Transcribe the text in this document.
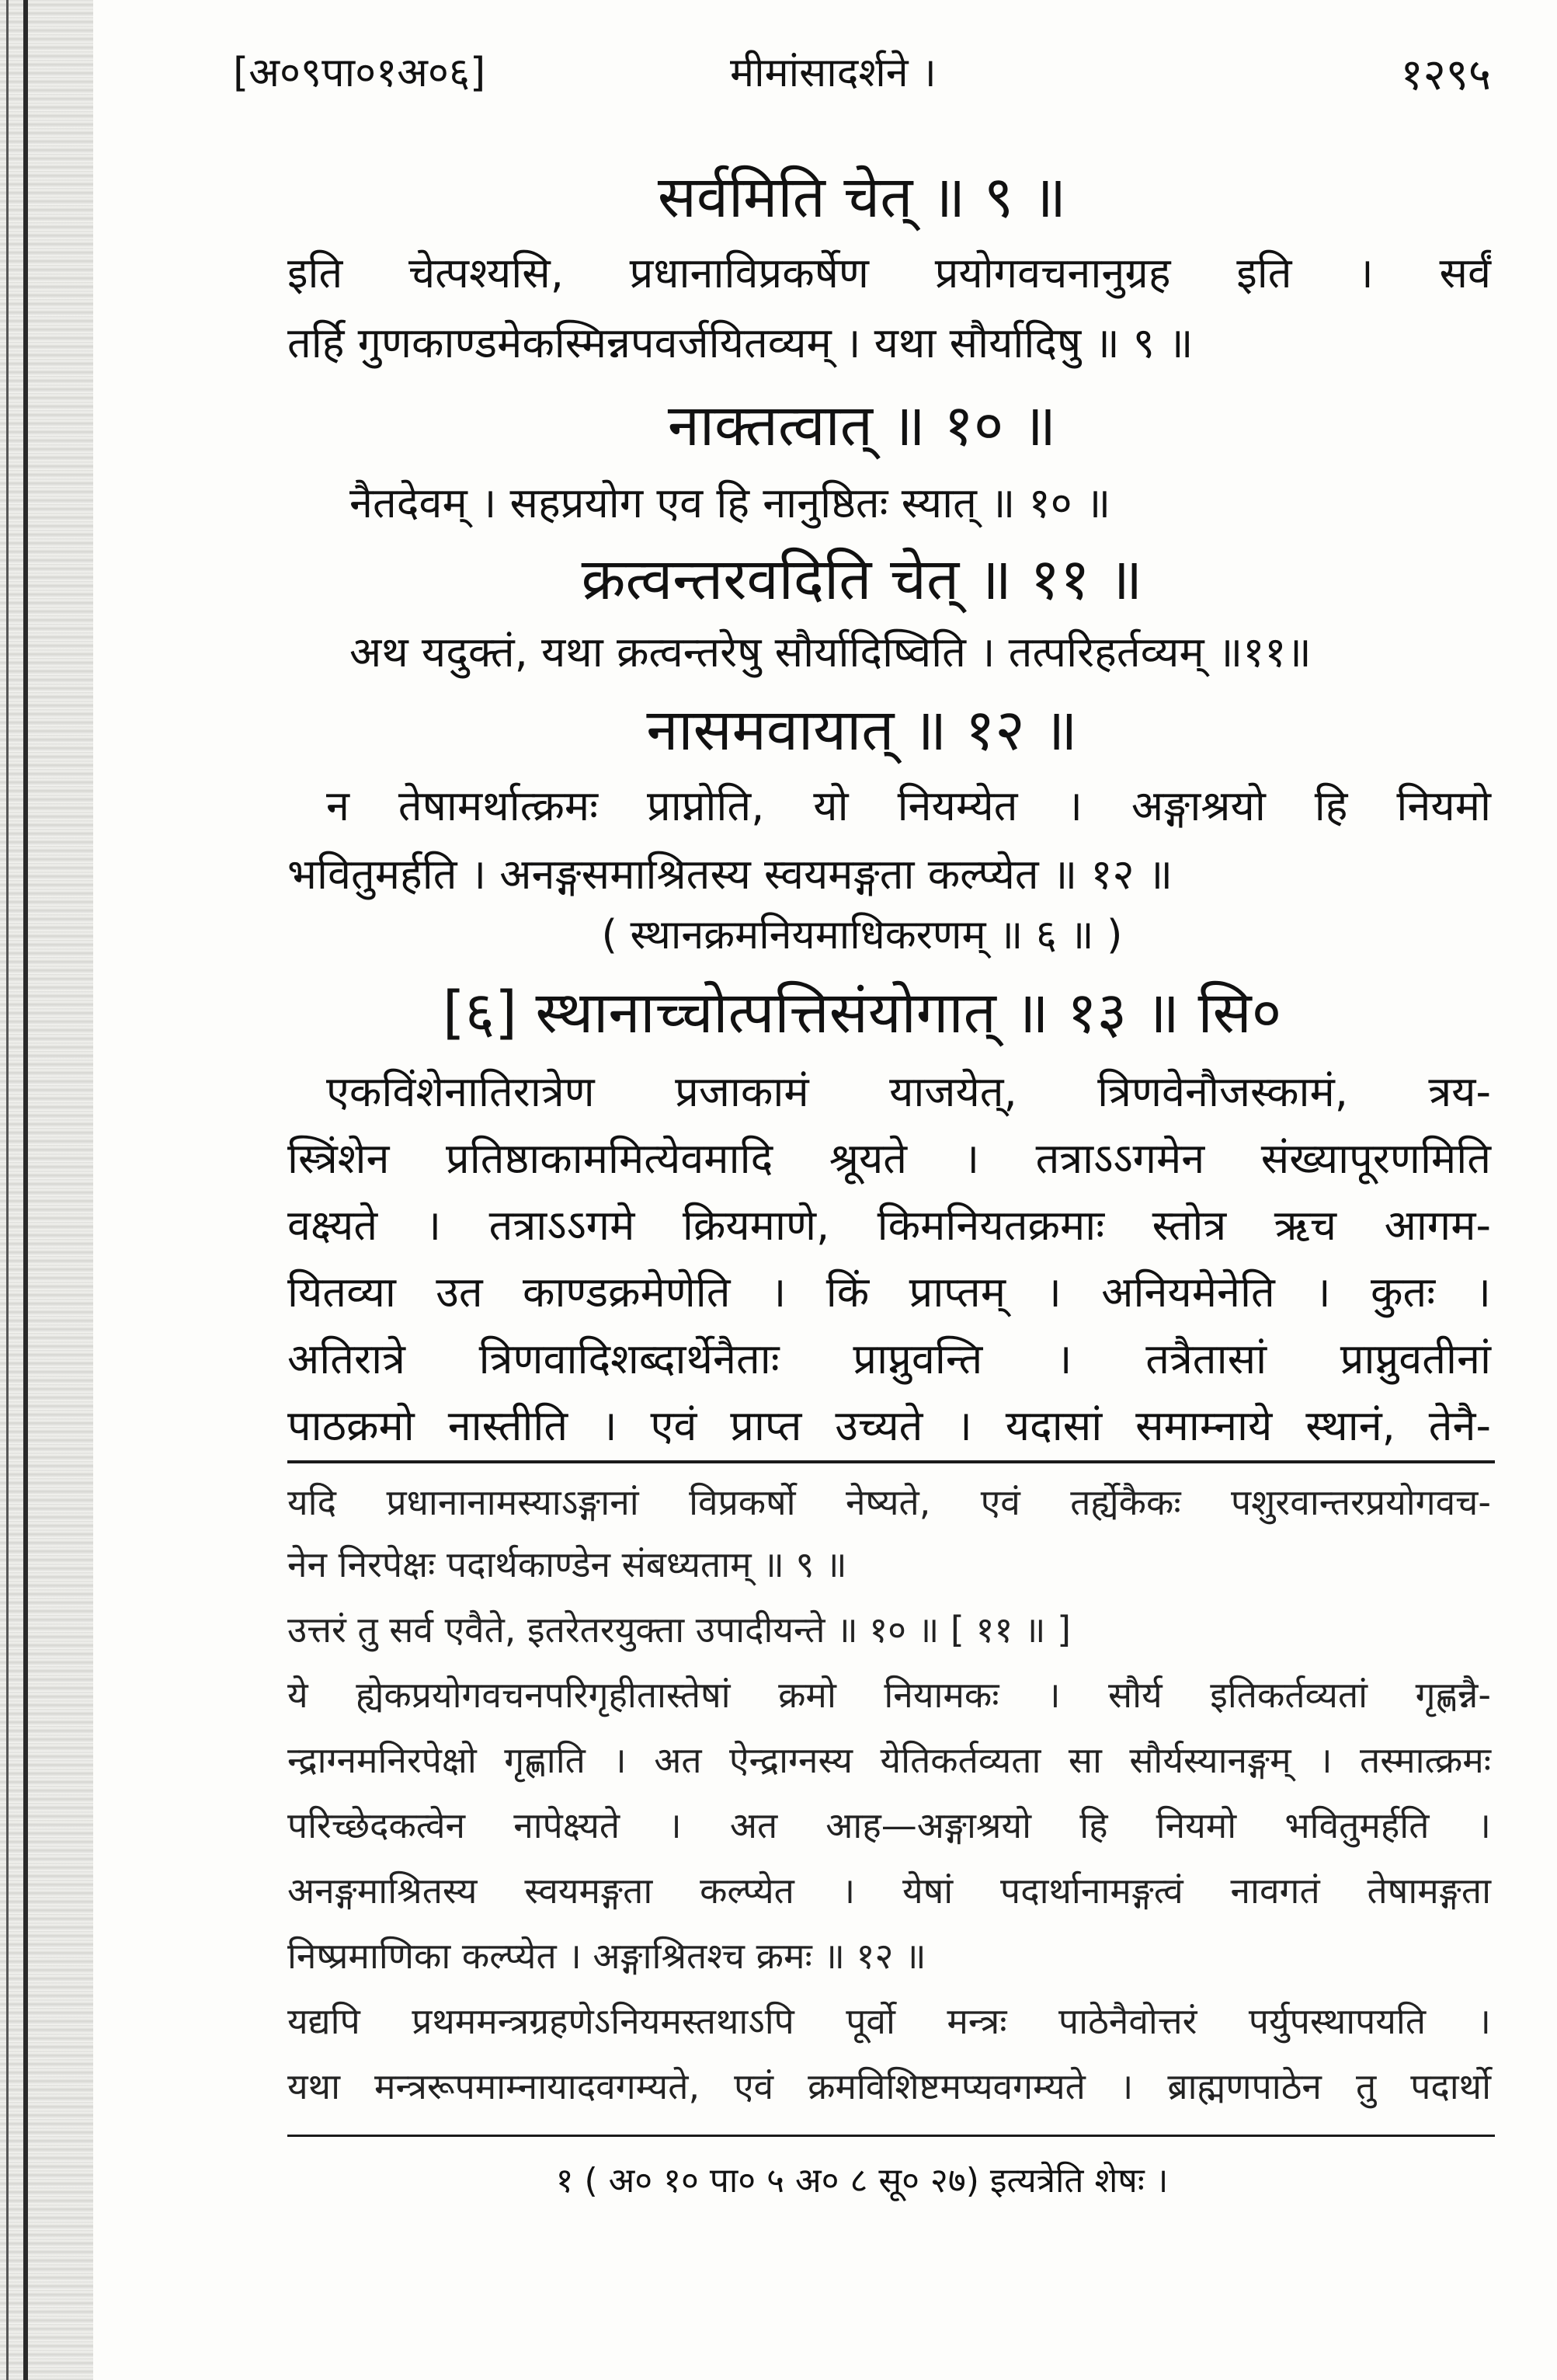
[अ०९पा०१अ०६]	मीमांसादर्शने ।	१२९५
सर्वमिति चेत् ॥ ९ ॥
इति चेत्पश्यसि, प्रधानाविप्रकर्षेण प्रयोगवचनानुग्रह इति । सर्वं
तर्हि गुणकाण्डमेकस्मिन्नपवर्जयितव्यम् । यथा सौर्यादिषु ॥ ९ ॥
नाक्तत्वात् ॥ १० ॥
नैतदेवम् । सहप्रयोग एव हि नानुष्ठितः स्यात् ॥ १० ॥
क्रत्वन्तरवदिति चेत् ॥ ११ ॥
अथ यदुक्तं, यथा क्रत्वन्तरेषु सौर्यादिष्विति । तत्परिहर्तव्यम् ॥११॥
नासमवायात् ॥ १२ ॥
न तेषामर्थात्क्रमः प्राप्नोति, यो नियम्येत । अङ्गाश्रयो हि नियमो
भवितुमर्हति । अनङ्गसमाश्रितस्य स्वयमङ्गता कल्प्येत ॥ १२ ॥
( स्थानक्रमनियमाधिकरणम् ॥ ६ ॥ )
[६] स्थानाच्चोत्पत्तिसंयोगात् ॥ १३ ॥ सि०
एकविंशेनातिरात्रेण प्रजाकामं याजयेत्, त्रिणवेनौजस्कामं, त्रय-
स्त्रिंशेन प्रतिष्ठाकाममित्येवमादि श्रूयते । तत्राऽऽगमेन संख्यापूरणमिति
वक्ष्यते । तत्राऽऽगमे क्रियमाणे, किमनियतक्रमाः स्तोत्र ऋच आगम-
यितव्या उत काण्डक्रमेणेति । किं प्राप्तम् । अनियमेनेति । कुतः ।
अतिरात्रे त्रिणवादिशब्दार्थेनैताः प्राप्नुवन्ति । तत्रैतासां प्राप्नुवतीनां
पाठक्रमो नास्तीति । एवं प्राप्त उच्यते । यदासां समाम्नाये स्थानं, तेनै-
यदि प्रधानानामस्याऽङ्गानां विप्रकर्षो नेष्यते, एवं तर्ह्येकैकः पशुरवान्तरप्रयोगवच-
नेन निरपेक्षः पदार्थकाण्डेन संबध्यताम् ॥ ९ ॥
उत्तरं तु सर्व एवैते, इतरेतरयुक्ता उपादीयन्ते ॥ १० ॥ [ ११ ॥ ]
ये ह्येकप्रयोगवचनपरिगृहीतास्तेषां क्रमो नियामकः । सौर्य इतिकर्तव्यतां गृह्णन्नै-
न्द्राग्नमनिरपेक्षो गृह्णाति । अत ऐन्द्राग्नस्य येतिकर्तव्यता सा सौर्यस्यानङ्गम् । तस्मात्क्रमः
परिच्छेदकत्वेन नापेक्ष्यते । अत आह—अङ्गाश्रयो हि नियमो भवितुमर्हति ।
अनङ्गमाश्रितस्य स्वयमङ्गता कल्प्येत । येषां पदार्थानामङ्गत्वं नावगतं तेषामङ्गता
निष्प्रमाणिका कल्प्येत । अङ्गाश्रितश्च क्रमः ॥ १२ ॥
यद्यपि प्रथममन्त्रग्रहणेऽनियमस्तथाऽपि पूर्वो मन्त्रः पाठेनैवोत्तरं पर्युपस्थापयति ।
यथा मन्त्ररूपमाम्नायादवगम्यते, एवं क्रमविशिष्टमप्यवगम्यते । ब्राह्मणपाठेन तु पदार्थो
१ ( अ० १० पा० ५ अ० ८ सू० २७) इत्यत्रेति शेषः ।
